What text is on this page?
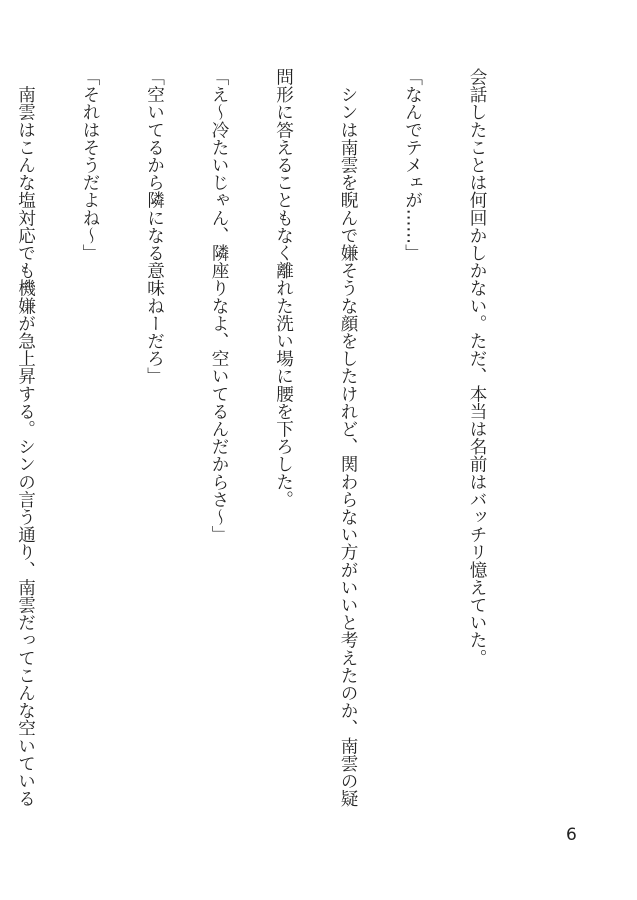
会話したことは何回かしかない。ただ、本当は名前はバッチリ憶えていた。

「なんでテメェが……」

　シンは南雲を睨んで嫌そうな顔をしたけれど、関わらない方がいいと考えたのか、南雲の疑

問形に答えることもなく離れた洗い場に腰を下ろした。

「え〜冷たいじゃん、隣座りなよ、空いてるんだからさ〜」

「空いてるから隣になる意味ねーだろ」

「それはそうだよね〜」

　南雲はこんな塩対応でも機嫌が急上昇する。シンの言う通り、南雲だってこんな空いている

6
